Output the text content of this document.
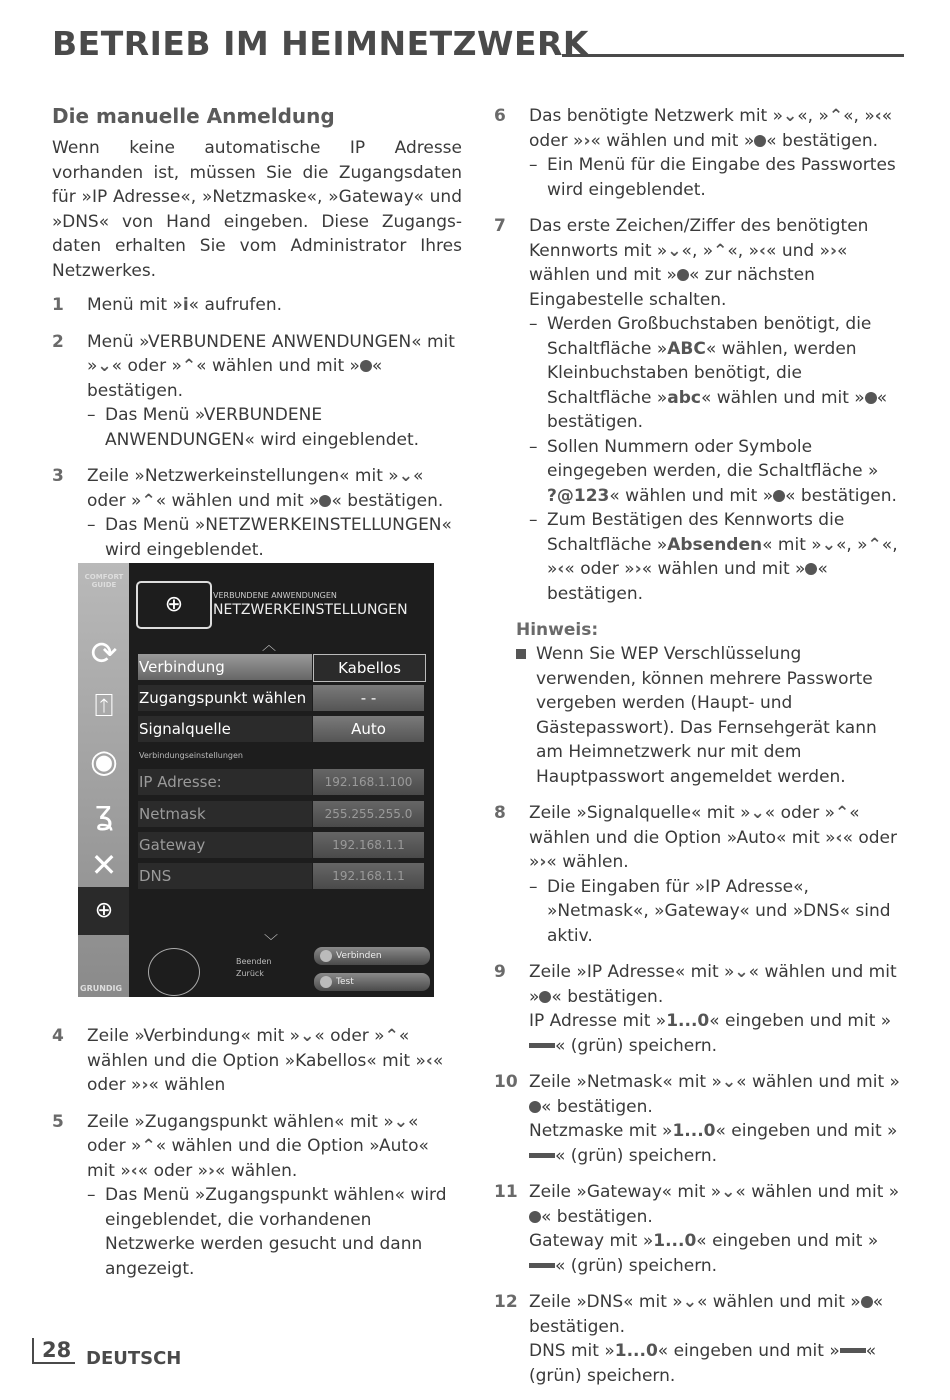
BETRIEB IM HEIMNETZWERK
Die manuelle Anmeldung

Wenn keine automatische IP Adresse vorhanden ist, müssen Sie die Zugangsdaten für »IP Adresse«, »Netzmaske«, »Gateway« und »DNS« von Hand eingeben. Diese Zugangs-daten erhalten Sie vom Administrator Ihres Netzwerkes.

1 Menü mit »i« aufrufen.
2 Menü »VERBUNDENE ANWENDUNGEN« mit »⌄« oder »⌃« wählen und mit » « bestätigen.
– Das Menü »VERBUNDENE ANWENDUNGEN« wird eingeblendet.
3 Zeile »Netzwerkeinstellungen« mit »⌄« oder »⌃« wählen und mit » « bestätigen.
– Das Menü »NETZWERKEINSTELLUNGEN« wird eingeblendet.
COMFORT GUIDE
⟳
⍐
◉
ʓ
✕
⊕
GRUNDIG
⊕	VERBUNDENE ANWENDUNGEN
NETZWERKEINSTELLUNGEN
︿
Verbindung	Kabellos
Zugangspunkt wählen	- -
Signalquelle	Auto
Verbindungseinstellungen
IP Adresse:	192.168.1.100
Netmask	255.255.255.0
Gateway	192.168.1.1
DNS	192.168.1.1
﹀
Beenden
Zurück
Verbinden
Test
4 Zeile »Verbindung« mit »⌄« oder »⌃« wählen und die Option »Kabellos« mit »‹« oder »›« wählen
5 Zeile »Zugangspunkt wählen« mit »⌄« oder »⌃« wählen und die Option »Auto« mit »‹« oder »›« wählen.
– Das Menü »Zugangspunkt wählen« wird eingeblendet, die vorhandenen Netzwerke werden gesucht und dann angezeigt.
6 Das benötigte Netzwerk mit »⌄«, »⌃«, »‹« oder »›« wählen und mit » « bestätigen.
– Ein Menü für die Eingabe des Passwortes wird eingeblendet.
7 Das erste Zeichen/Ziffer des benötigten Kennworts mit »⌄«, »⌃«, »‹« und »›« wählen und mit » « zur nächsten Eingabestelle schalten.
– Werden Großbuchstaben benötigt, die Schaltfläche »ABC« wählen, werden Kleinbuchstaben benötigt, die Schaltfläche »abc« wählen und mit » « bestätigen.
– Sollen Nummern oder Symbole eingegeben werden, die Schaltfläche »?@123« wählen und mit » « bestätigen.
– Zum Bestätigen des Kennworts die Schaltfläche »Absenden« mit »⌄«, »⌃«, »‹« oder »›« wählen und mit » « bestätigen.
Hinweis:
Wenn Sie WEP Verschlüsselung verwenden, können mehrere Passworte vergeben werden (Haupt- und Gästepasswort). Das Fernsehgerät kann am Heimnetzwerk nur mit dem Hauptpasswort angemeldet werden.
8 Zeile »Signalquelle« mit »⌄« oder »⌃« wählen und die Option »Auto« mit »‹« oder »›« wählen.
– Die Eingaben für »IP Adresse«, »Netmask«, »Gateway« und »DNS« sind aktiv.
9 Zeile »IP Adresse« mit »⌄« wählen und mit » « bestätigen.
IP Adresse mit »1...0« eingeben und mit »« (grün) speichern.
10 Zeile »Netmask« mit »⌄« wählen und mit »« bestätigen.
Netzmaske mit »1...0« eingeben und mit »« (grün) speichern.
11 Zeile »Gateway« mit »⌄« wählen und mit »« bestätigen.
Gateway mit »1...0« eingeben und mit »« (grün) speichern.
12 Zeile »DNS« mit »⌄« wählen und mit » « bestätigen.
DNS mit »1...0« eingeben und mit » « (grün) speichern.
28 DEUTSCH
